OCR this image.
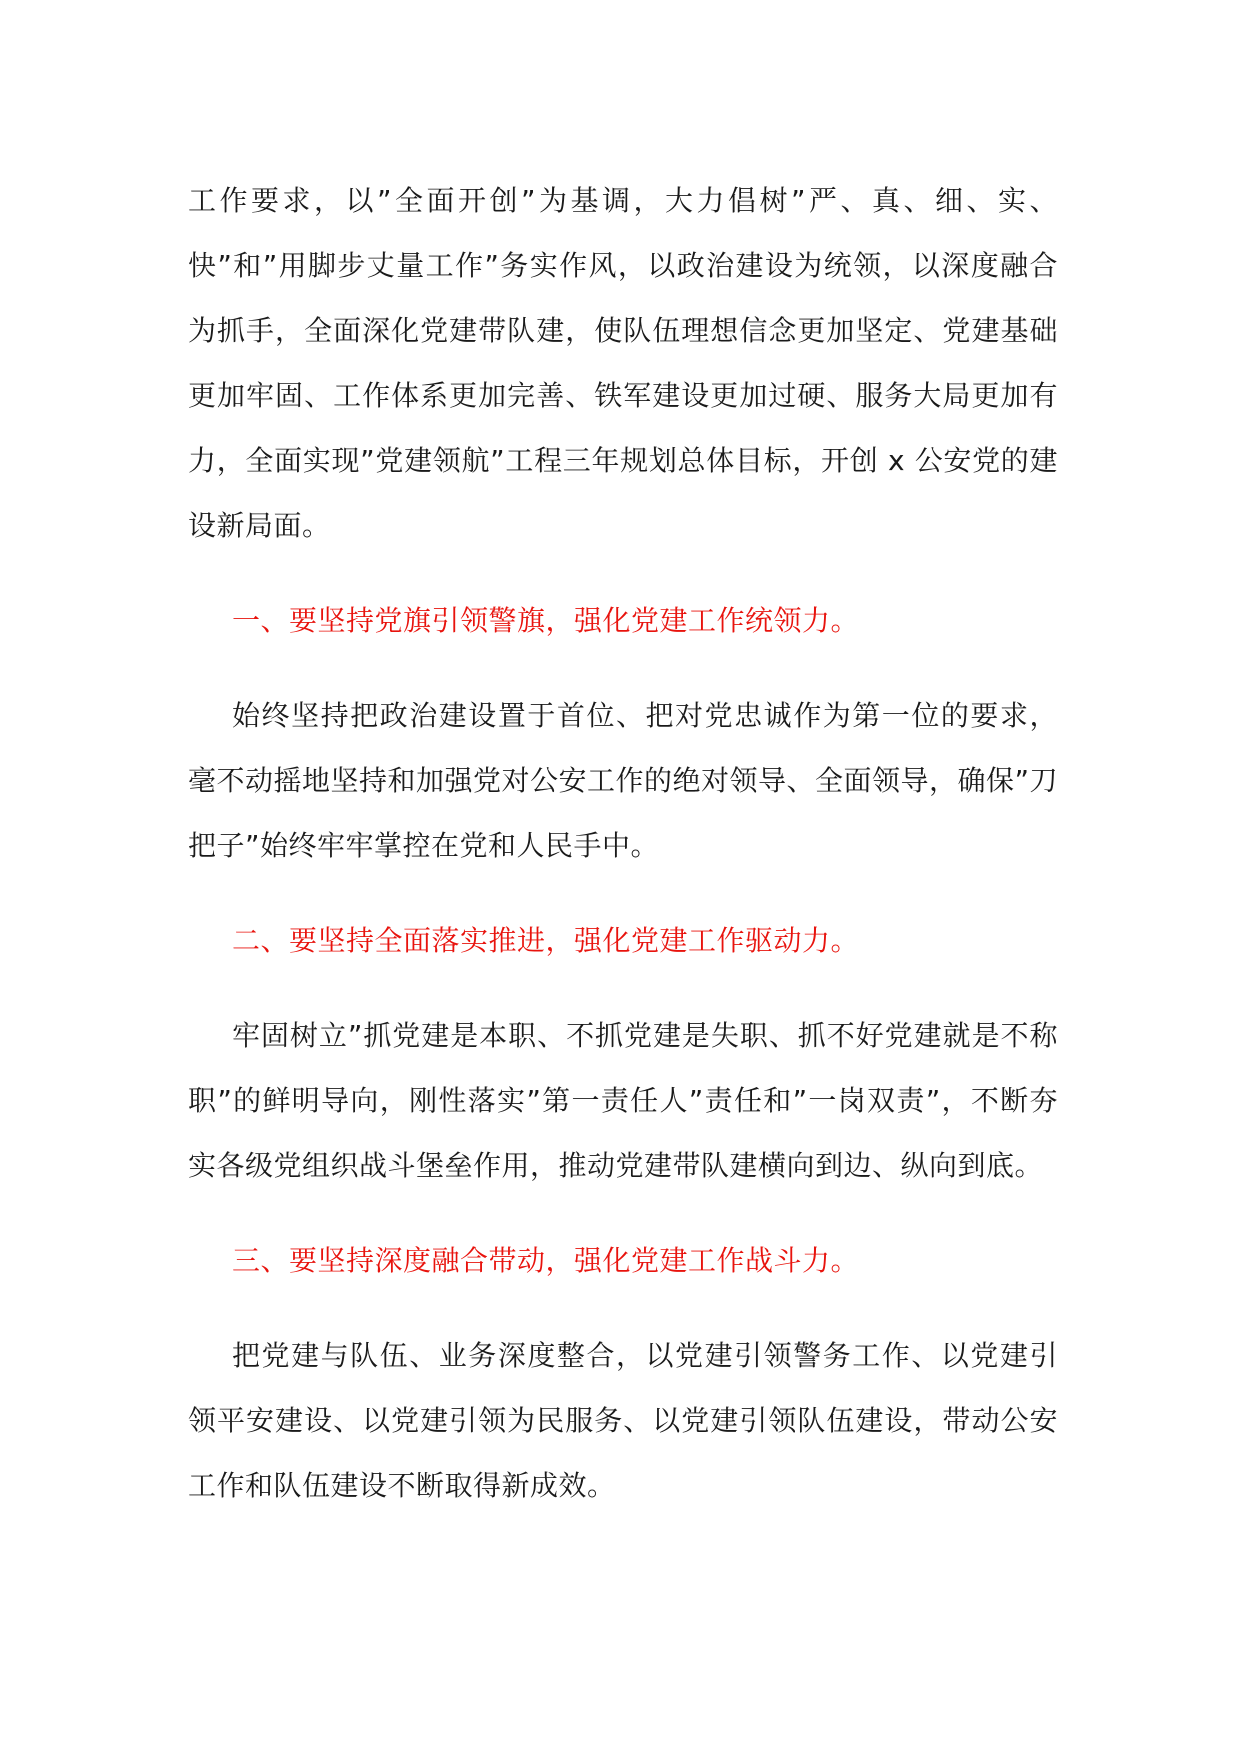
工作要求，以”全面开创”为基调，大力倡树”严、真、细、实、快”和”用脚步丈量工作”务实作风，以政治建设为统领，以深度融合为抓手，全面深化党建带队建，使队伍理想信念更加坚定、党建基础更加牢固、工作体系更加完善、铁军建设更加过硬、服务大局更加有力，全面实现”党建领航”工程三年规划总体目标，开创 x 公安党的建设新局面。

一、要坚持党旗引领警旗，强化党建工作统领力。

始终坚持把政治建设置于首位、把对党忠诚作为第一位的要求，毫不动摇地坚持和加强党对公安工作的绝对领导、全面领导，确保”刀把子”始终牢牢掌控在党和人民手中。

二、要坚持全面落实推进，强化党建工作驱动力。

牢固树立”抓党建是本职、不抓党建是失职、抓不好党建就是不称职”的鲜明导向，刚性落实”第一责任人”责任和”一岗双责”，不断夯实各级党组织战斗堡垒作用，推动党建带队建横向到边、纵向到底。

三、要坚持深度融合带动，强化党建工作战斗力。

把党建与队伍、业务深度整合，以党建引领警务工作、以党建引领平安建设、以党建引领为民服务、以党建引领队伍建设，带动公安工作和队伍建设不断取得新成效。
